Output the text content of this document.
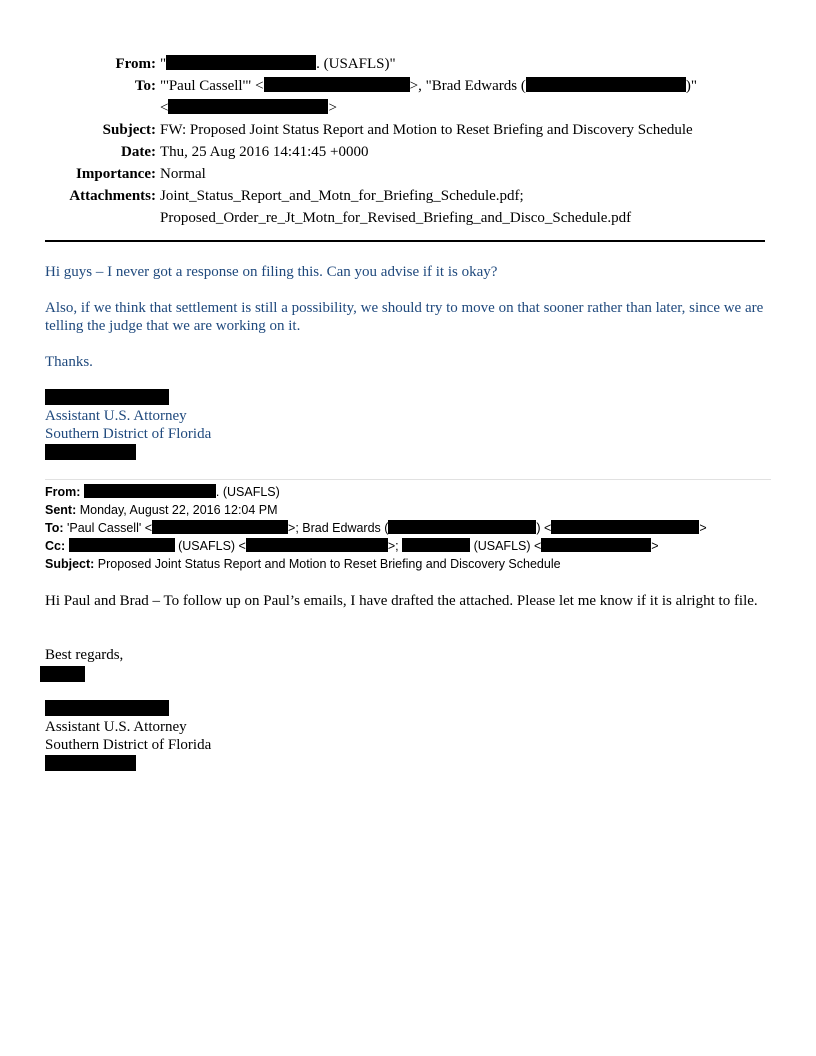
From: "	. (USAFLS)"
To: "'Paul Cassell'" <	>, "Brad Edwards (	)"
<	>
Subject: FW: Proposed Joint Status Report and Motion to Reset Briefing and Discovery Schedule
Date: Thu, 25 Aug 2016 14:41:45 +0000
Importance: Normal
Attachments: Joint_Status_Report_and_Motn_for_Briefing_Schedule.pdf;
Proposed_Order_re_Jt_Motn_for_Revised_Briefing_and_Disco_Schedule.pdf

Hi guys – I never got a response on filing this. Can you advise if it is okay?

Also, if we think that settlement is still a possibility, we should try to move on that sooner rather than later, since we are telling the judge that we are working on it.

Thanks.

Assistant U.S. Attorney

Southern District of Florida

From:	. (USAFLS)
Sent: Monday, August 22, 2016 12:04 PM
To: 'Paul Cassell' <	>; Brad Edwards (	) <	>
Cc:	(USAFLS) <	>;	(USAFLS) <	>
Subject: Proposed Joint Status Report and Motion to Reset Briefing and Discovery Schedule

Hi Paul and Brad – To follow up on Paul’s emails, I have drafted the attached. Please let me know if it is alright to file.

Best regards,

Assistant U.S. Attorney

Southern District of Florida
